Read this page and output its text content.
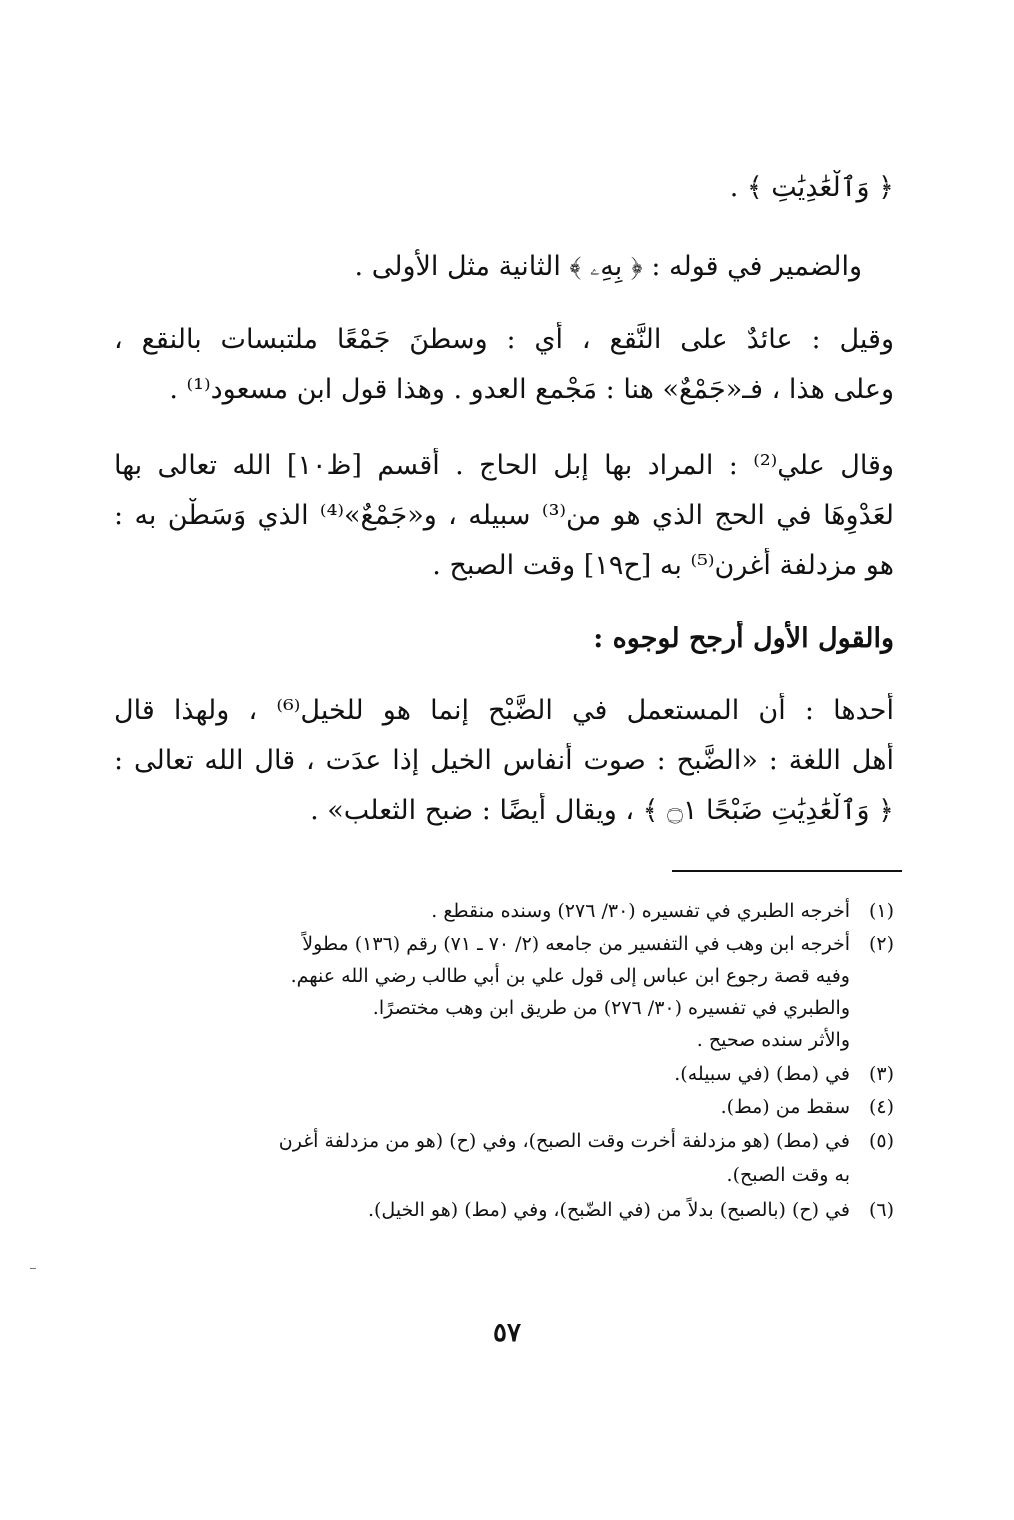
﴿ وَٱلْعَٰدِيَٰتِ ﴾ .
والضمير في قوله : ﴿ بِهِۦ ﴾ الثانية مثل الأولى .
وقيل : عائدٌ على النَّقع ، أي : وسطنَ جَمْعًا ملتبسات بالنقع ،
وعلى هذا ، فـ«جَمْعٌ» هنا : مَجْمع العدو . وهذا قول ابن مسعود⁽¹⁾ .
وقال علي⁽²⁾ : المراد بها إبل الحاج . أقسم [ظ١٠] الله تعالى بها
لعَدْوِهَا في الحج الذي هو من⁽³⁾ سبيله ، و«جَمْعٌ»⁽⁴⁾ الذي وَسَطْن به :
هو مزدلفة أغرن⁽⁵⁾ به [ح١٩] وقت الصبح .
والقول الأول أرجح لوجوه :
أحدها : أن المستعمل في الضَّبْح إنما هو للخيل⁽⁶⁾ ، ولهذا قال
أهل اللغة : «الضَّبح : صوت أنفاس الخيل إذا عدَت ، قال الله تعالى :
﴿ وَٱلْعَٰدِيَٰتِ ضَبْحًا ۝١ ﴾ ، ويقال أيضًا : ضبح الثعلب» .
(١)أخرجه الطبري في تفسيره (٣٠/ ٢٧٦) وسنده منقطع .
(٢)أخرجه ابن وهب في التفسير من جامعه (٢/ ٧٠ ـ ٧١) رقم (١٣٦) مطولاً
وفيه قصة رجوع ابن عباس إلى قول علي بن أبي طالب رضي الله عنهم.
والطبري في تفسيره (٣٠/ ٢٧٦) من طريق ابن وهب مختصرًا.
والأثر سنده صحيح .
(٣)في (مط) (في سبيله).
(٤)سقط من (مط).
(٥)في (مط) (هو مزدلفة أخرت وقت الصبح)، وفي (ح) (هو من مزدلفة أغرن
به وقت الصبح).
(٦)في (ح) (بالصبح) بدلاً من (في الضّبح)، وفي (مط) (هو الخيل).
٥٧
